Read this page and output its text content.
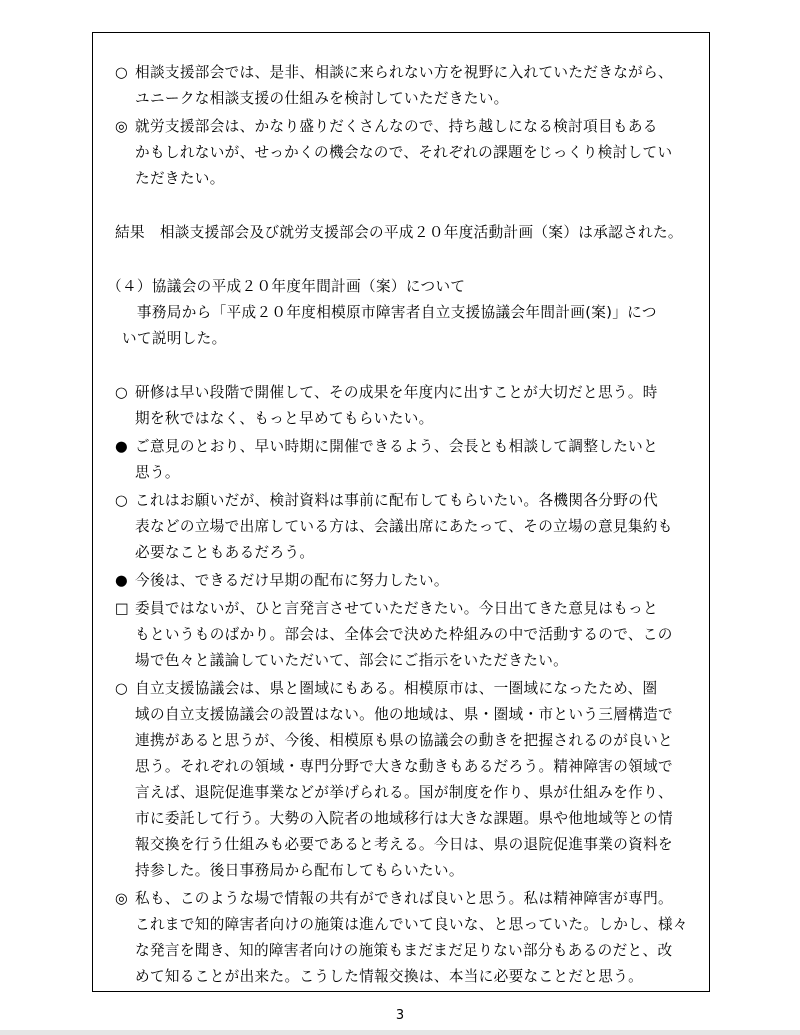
○ 相談支援部会では、是非、相談に来られない方を視野に入れていただきながら、
ユニークな相談支援の仕組みを検討していただきたい。
◎ 就労支援部会は、かなり盛りだくさんなので、持ち越しになる検討項目もある
かもしれないが、せっかくの機会なので、それぞれの課題をじっくり検討してい
ただきたい。
結果　相談支援部会及び就労支援部会の平成２０年度活動計画（案）は承認された。
（４）協議会の平成２０年度年間計画（案）について
　　事務局から「平成２０年度相模原市障害者自立支援協議会年間計画(案)」につ
　いて説明した。
○ 研修は早い段階で開催して、その成果を年度内に出すことが大切だと思う。時
期を秋ではなく、もっと早めてもらいたい。
● ご意見のとおり、早い時期に開催できるよう、会長とも相談して調整したいと
思う。
○ これはお願いだが、検討資料は事前に配布してもらいたい。各機関各分野の代
表などの立場で出席している方は、会議出席にあたって、その立場の意見集約も
必要なこともあるだろう。
● 今後は、できるだけ早期の配布に努力したい。
□ 委員ではないが、ひと言発言させていただきたい。今日出てきた意見はもっと
もというものばかり。部会は、全体会で決めた枠組みの中で活動するので、この
場で色々と議論していただいて、部会にご指示をいただきたい。
○ 自立支援協議会は、県と圏域にもある。相模原市は、一圏域になったため、圏
域の自立支援協議会の設置はない。他の地域は、県・圏域・市という三層構造で
連携があると思うが、今後、相模原も県の協議会の動きを把握されるのが良いと
思う。それぞれの領域・専門分野で大きな動きもあるだろう。精神障害の領域で
言えば、退院促進事業などが挙げられる。国が制度を作り、県が仕組みを作り、
市に委託して行う。大勢の入院者の地域移行は大きな課題。県や他地域等との情
報交換を行う仕組みも必要であると考える。今日は、県の退院促進事業の資料を
持参した。後日事務局から配布してもらいたい。
◎ 私も、このような場で情報の共有ができれば良いと思う。私は精神障害が専門。
これまで知的障害者向けの施策は進んでいて良いな、と思っていた。しかし、様々
な発言を聞き、知的障害者向けの施策もまだまだ足りない部分もあるのだと、改
めて知ることが出来た。こうした情報交換は、本当に必要なことだと思う。
3
